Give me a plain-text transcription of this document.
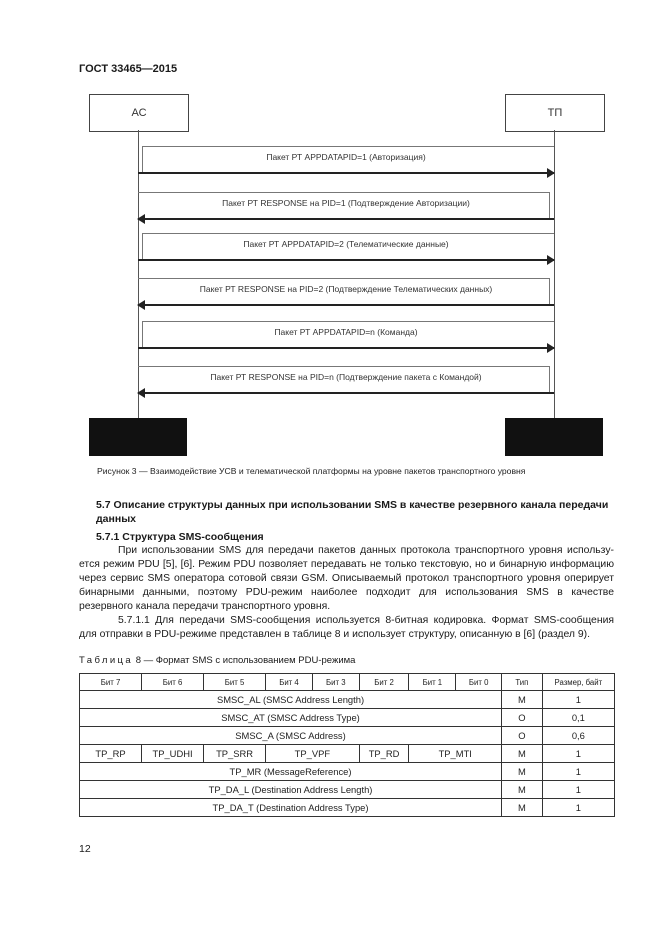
ГОСТ 33465—2015
АС	ТП
Пакет РТ APPDATAPID=1 (Авторизация)
Пакет РТ RESPONSE на PID=1 (Подтверждение Авторизации)
Пакет РТ APPDATAPID=2 (Телематические данные)
Пакет РТ RESPONSE на PID=2 (Подтверждение Телематических данных)
Пакет РТ APPDATAPID=n (Команда)
Пакет РТ RESPONSE на PID=n (Подтверждение пакета с Командой)
Рисунок 3 — Взаимодействие УСВ и телематической платформы на уровне пакетов транспортного уровня
5.7 Описание структуры данных при использовании SMS в качестве резервного канала передачи данных
5.7.1 Структура SMS-сообщения
При использовании SMS для передачи пакетов данных протокола транспортного уровня используется режим PDU [5], [6]. Режим PDU позволяет передавать не только текстовую, но и бинарную информацию через сервис SMS оператора сотовой связи GSM. Описываемый протокол транспортного уровня оперирует бинарными данными, поэтому PDU-режим наиболее подходит для использования SMS в качестве резервного канала передачи транспортного уровня.
5.7.1.1 Для передачи SMS-сообщения используется 8-битная кодировка. Формат SMS-сообщения для отправки в PDU-режиме представлен в таблице 8 и использует структуру, описанную в [6] (раздел 9).
Таблица 8 — Формат SMS с использованием PDU-режима
Бит 7	Бит 6	Бит 5	Бит 4	Бит 3	Бит 2	Бит 1	Бит 0	Тип	Размер, байт
SMSC_AL (SMSC Address Length)								M	1
SMSC_AT (SMSC Address Type)								O	0,1
SMSC_A (SMSC Address)								O	0,6
TP_RP	TP_UDHI	TP_SRR	TP_VPF		TP_RD	TP_MTI		M	1
TP_MR (MessageReference)								M	1
TP_DA_L (Destination Address Length)								M	1
TP_DA_T (Destination Address Type)								M	1
12
